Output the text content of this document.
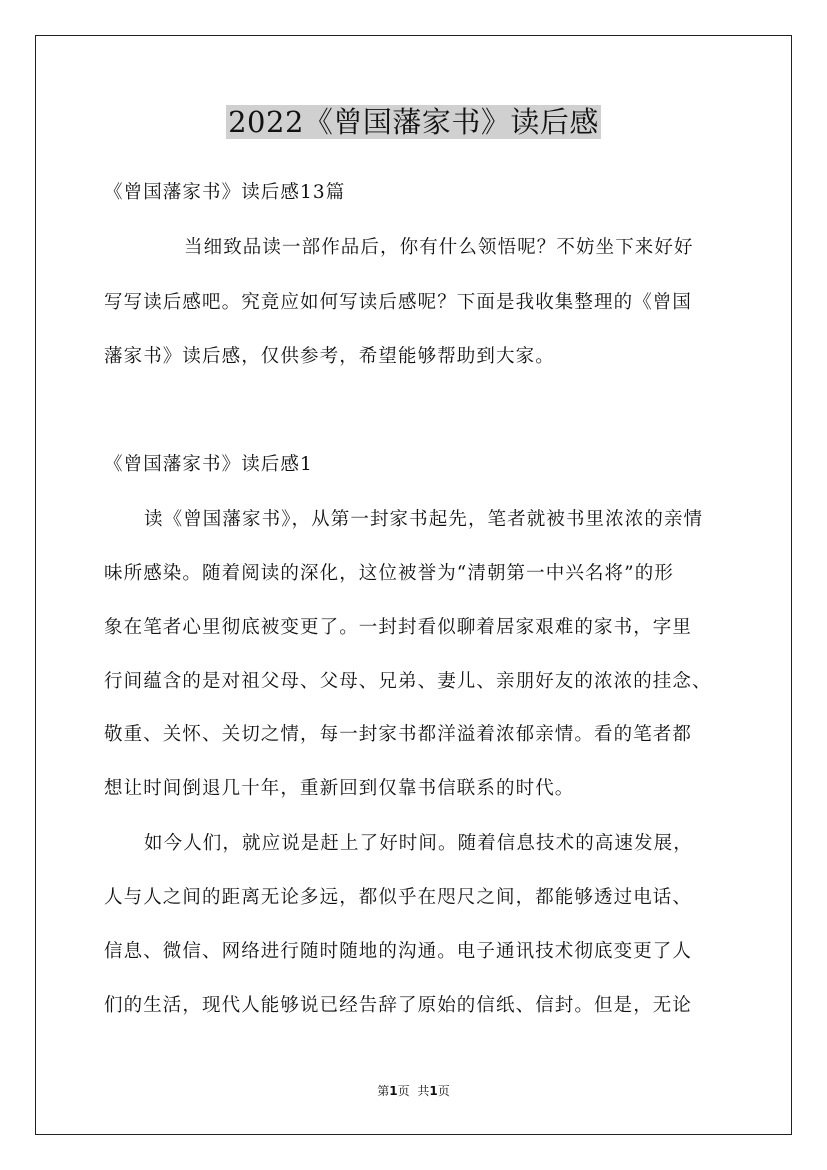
2022《曾国藩家书》读后感
《曾国藩家书》读后感13篇
当细致品读一部作品后，你有什么领悟呢？不妨坐下来好好
写写读后感吧。究竟应如何写读后感呢？下面是我收集整理的《曾国
藩家书》读后感，仅供参考，希望能够帮助到大家。
《曾国藩家书》读后感1
读《曾国藩家书》，从第一封家书起先，笔者就被书里浓浓的亲情
味所感染。随着阅读的深化，这位被誉为“清朝第一中兴名将”的形
象在笔者心里彻底被变更了。一封封看似聊着居家艰难的家书，字里
行间蕴含的是对祖父母、父母、兄弟、妻儿、亲朋好友的浓浓的挂念、
敬重、关怀、关切之情，每一封家书都洋溢着浓郁亲情。看的笔者都
想让时间倒退几十年，重新回到仅靠书信联系的时代。
如今人们，就应说是赶上了好时间。随着信息技术的高速发展，
人与人之间的距离无论多远，都似乎在咫尺之间，都能够透过电话、
信息、微信、网络进行随时随地的沟通。电子通讯技术彻底变更了人
们的生活，现代人能够说已经告辞了原始的信纸、信封。但是，无论
第1页 共1页
